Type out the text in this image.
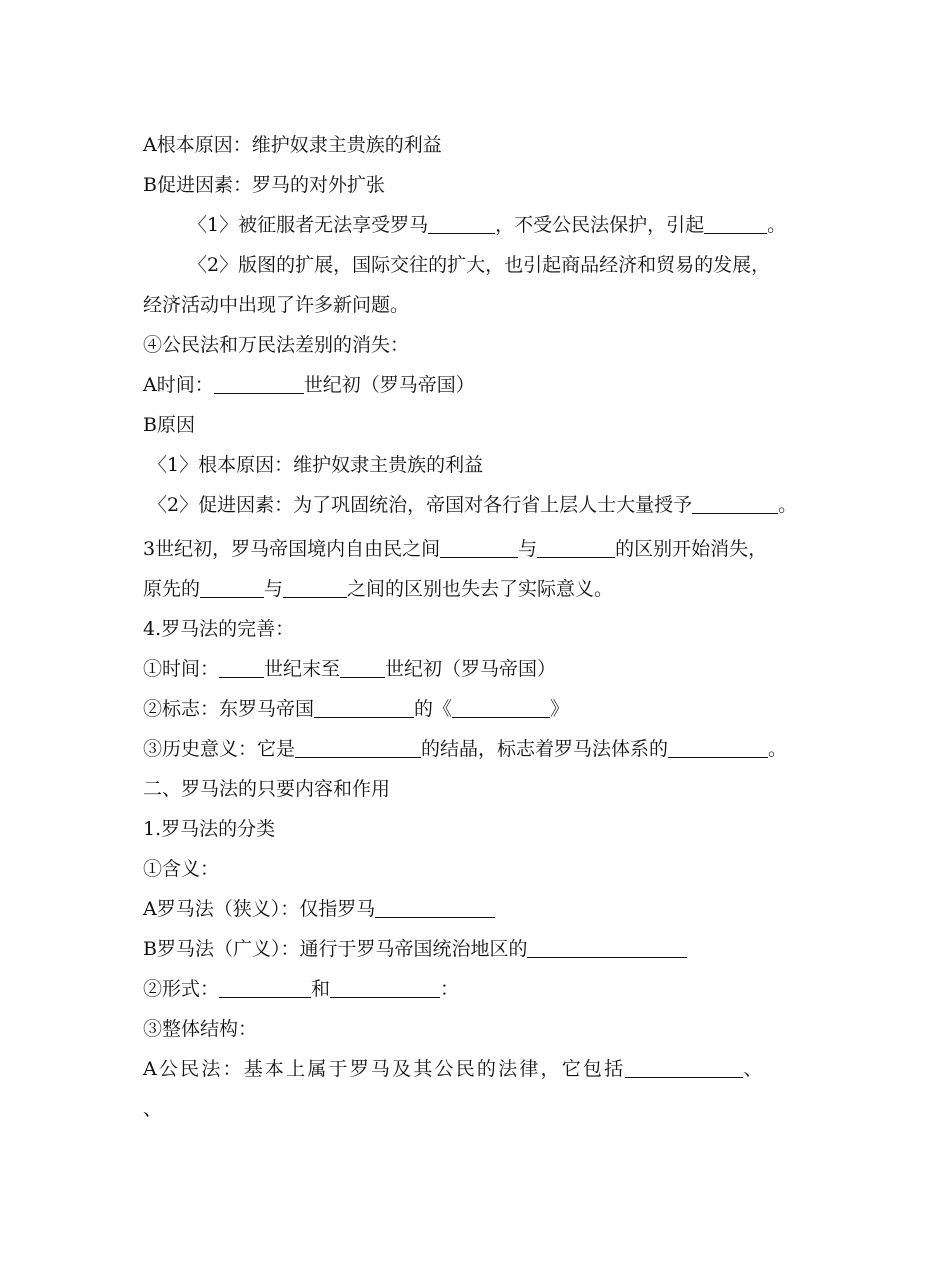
A根本原因：维护奴隶主贵族的利益
B促进因素：罗马的对外扩张
〈1〉被征服者无法享受罗马	，不受公民法保护，引起	。
〈2〉版图的扩展，国际交往的扩大，也引起商品经济和贸易的发展，
经济活动中出现了许多新问题。
④公民法和万民法差别的消失：
A时间：	世纪初（罗马帝国）
B原因
〈1〉根本原因：维护奴隶主贵族的利益
〈2〉促进因素：为了巩固统治，帝国对各行省上层人士大量授予	。
3世纪初，罗马帝国境内自由民之间	与	的区别开始消失，
原先的	与	之间的区别也失去了实际意义。
4.罗马法的完善：
①时间： 世纪末至 世纪初（罗马帝国）
②标志：东罗马帝国	的《	》
③历史意义：它是	的结晶，标志着罗马法体系的	。
二、罗马法的只要内容和作用
1.罗马法的分类
①含义：
A罗马法（狭义）：仅指罗马
B罗马法（广义）：通行于罗马帝国统治地区的
②形式：	和	：
③整体结构：
A公民法：基本上属于罗马及其公民的法律，它包括	、
、
